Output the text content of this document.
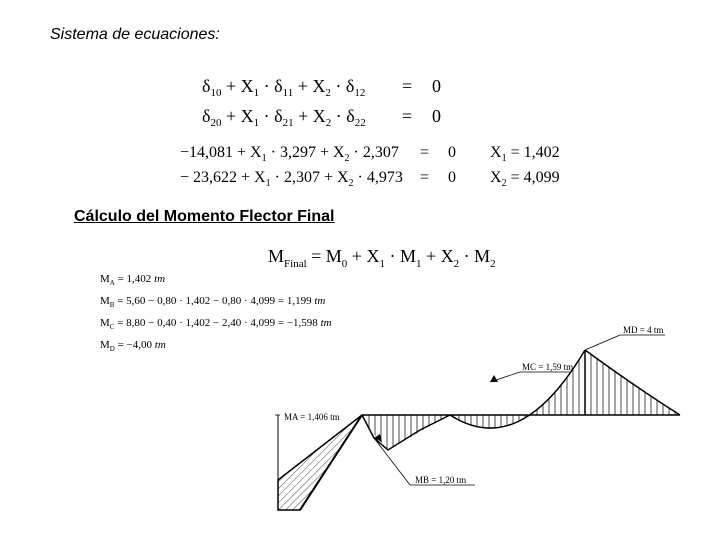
Sistema de ecuaciones:
$\delta_{10} + X_1 \cdot \delta_{11} + X_2 \cdot \delta_{12} = 0$
$\delta_{20} + X_1 \cdot \delta_{21} + X_2 \cdot \delta_{22} = 0$
$-14,081 + X_1 \cdot 3,297 + X_2 \cdot 2,307 = 0$ $X_1 = 1,402$
− $23,622 + X_1 \cdot 2,307 + X_2 \cdot 4,973 = 0$ $X_2 = 4,099$
Cálculo del Momento Flector Final
$M_{Final} = M_0 + X_1 \cdot M_1 + X_2 \cdot M_2$
$M_A = 1,402$ tm
$M_B = 5,60 - 0,80 \cdot 1,402 - 0,80 \cdot 4,099 = 1,199$ tm
$M_C = 8,80 - 0,40 \cdot 1,402 - 2,40 \cdot 4,099 = -1,598$ tm
$M_D = -4,00$ tm
MD = 4 tm
MC = 1,59 tm
MA = 1,406 tm
MB = 1,20 tm
